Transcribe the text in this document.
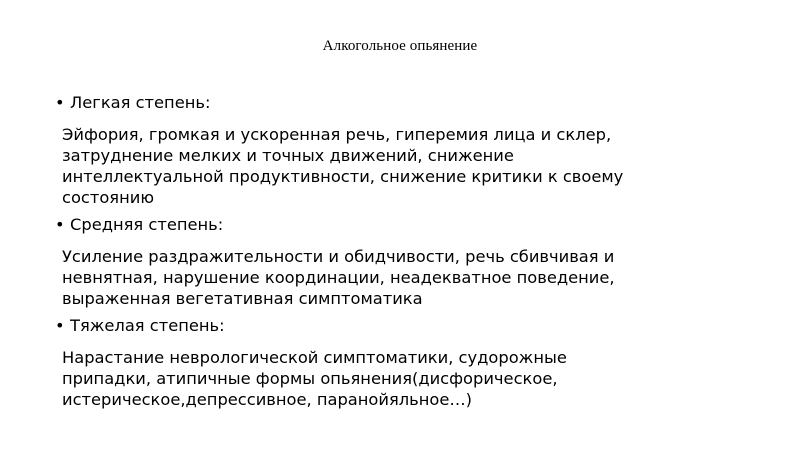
Алкогольное опьянение
• Легкая степень:

Эйфория, громкая и ускоренная речь, гиперемия лица и склер,

затруднение мелких и точных движений, снижение

интеллектуальной продуктивности, снижение критики к своему

состоянию

• Средняя степень:

Усиление раздражительности и обидчивости, речь сбивчивая и

невнятная, нарушение координации, неадекватное поведение,

выраженная вегетативная симптоматика

• Тяжелая степень:

Нарастание неврологической симптоматики, судорожные

припадки, атипичные формы опьянения(дисфорическое,

истерическое,депрессивное, паранойяльное…)
